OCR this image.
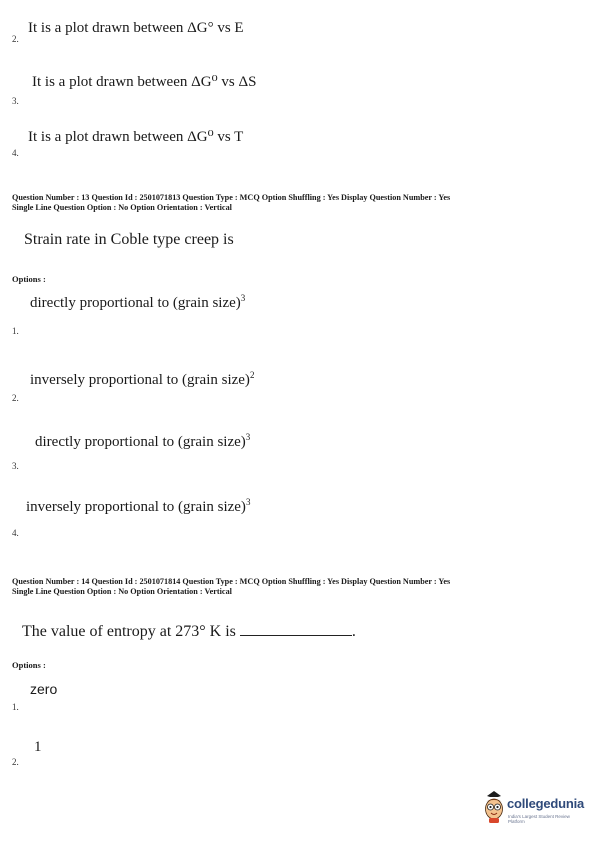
2.
It is a plot drawn between ΔG° vs E
3.
It is a plot drawn between ΔG⁰ vs ΔS
4.
It is a plot drawn between ΔG⁰ vs T
Question Number : 13 Question Id : 2501071813 Question Type : MCQ Option Shuffling : Yes Display Question Number : Yes
Single Line Question Option : No Option Orientation : Vertical
Strain rate in Coble type creep is
Options :
directly proportional to (grain size)$^3$
1.
inversely proportional to (grain size)$^2$
2.
directly proportional to (grain size)$^3$
3.
inversely proportional to (grain size)$^3$
4.
Question Number : 14 Question Id : 2501071814 Question Type : MCQ Option Shuffling : Yes Display Question Number : Yes
Single Line Question Option : No Option Orientation : Vertical
The value of entropy at 273° K is	.
Options :
zero
1.
1
2.
collegedunia
India's Largest Student Review Platform
